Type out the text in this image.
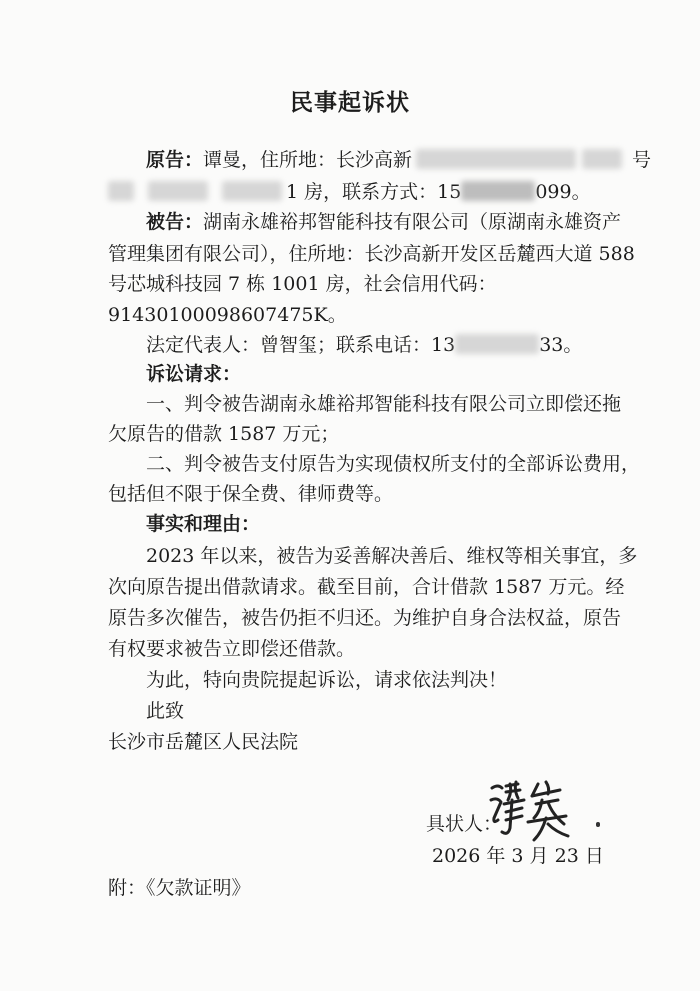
民事起诉状
原告：谭曼，住所地：长沙高新	号
1 房，联系方式：15	099。
被告：湖南永雄裕邦智能科技有限公司（原湖南永雄资产
管理集团有限公司），住所地：长沙高新开发区岳麓西大道 588
号芯城科技园 7 栋 1001 房，社会信用代码：
91430100098607475K。
法定代表人：曾智玺；联系电话：13	33。
诉讼请求：
一、判令被告湖南永雄裕邦智能科技有限公司立即偿还拖
欠原告的借款 1587 万元；
二、判令被告支付原告为实现债权所支付的全部诉讼费用，
包括但不限于保全费、律师费等。
事实和理由：
2023 年以来，被告为妥善解决善后、维权等相关事宜，多
次向原告提出借款请求。截至目前，合计借款 1587 万元。经
原告多次催告，被告仍拒不归还。为维护自身合法权益，原告
有权要求被告立即偿还借款。
为此，特向贵院提起诉讼，请求依法判决！
此致
长沙市岳麓区人民法院
具状人：
2026 年 3 月 23 日
附：《欠款证明》
